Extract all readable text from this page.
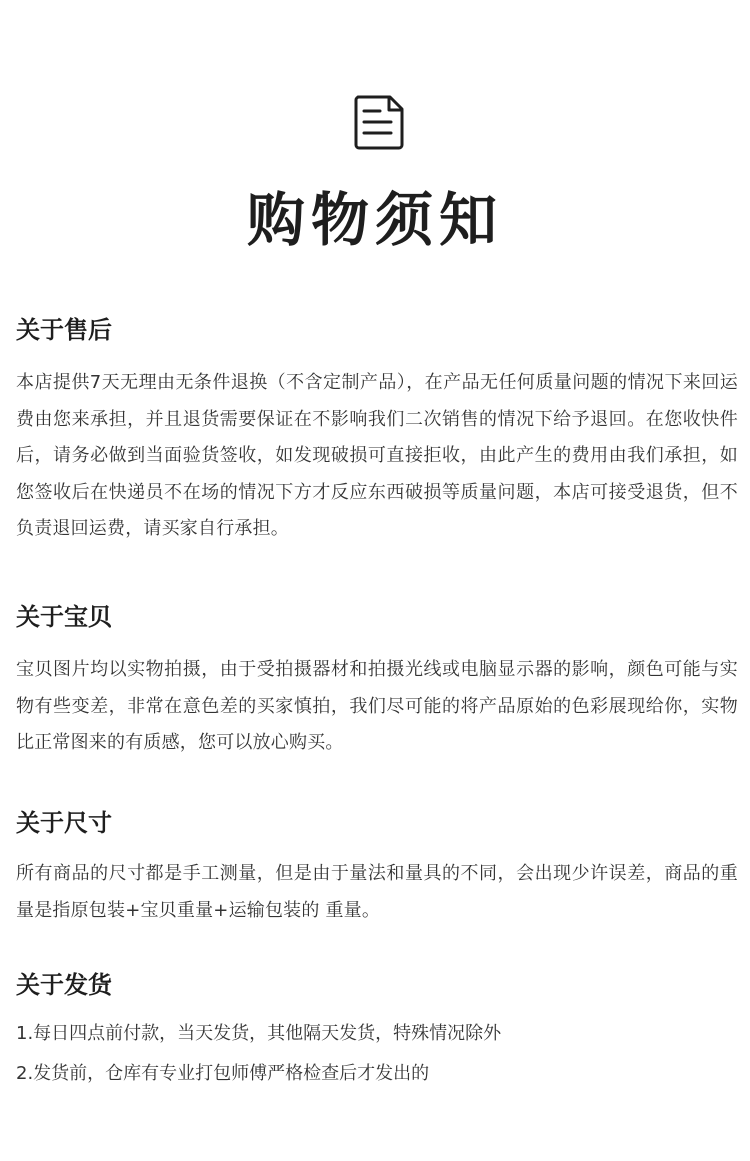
购物须知
关于售后

本店提供7天无理由无条件退换（不含定制产品），在产品无任何质量问题的情况下来回运费由您来承担，并且退货需要保证在不影响我们二次销售的情况下给予退回。在您收快件后，请务必做到当面验货签收，如发现破损可直接拒收，由此产生的费用由我们承担，如您签收后在快递员不在场的情况下方才反应东西破损等质量问题，本店可接受退货，但不负责退回运费，请买家自行承担。

关于宝贝

宝贝图片均以实物拍摄，由于受拍摄器材和拍摄光线或电脑显示器的影响，颜色可能与实物有些变差，非常在意色差的买家慎拍，我们尽可能的将产品原始的色彩展现给你，实物比正常图来的有质感，您可以放心购买。

关于尺寸

所有商品的尺寸都是手工测量，但是由于量法和量具的不同，会出现少许误差，商品的重量是指原包装+宝贝重量+运输包装的 重量。

关于发货

1.每日四点前付款，当天发货，其他隔天发货，特殊情况除外

2.发货前，仓库有专业打包师傅严格检查后才发出的
